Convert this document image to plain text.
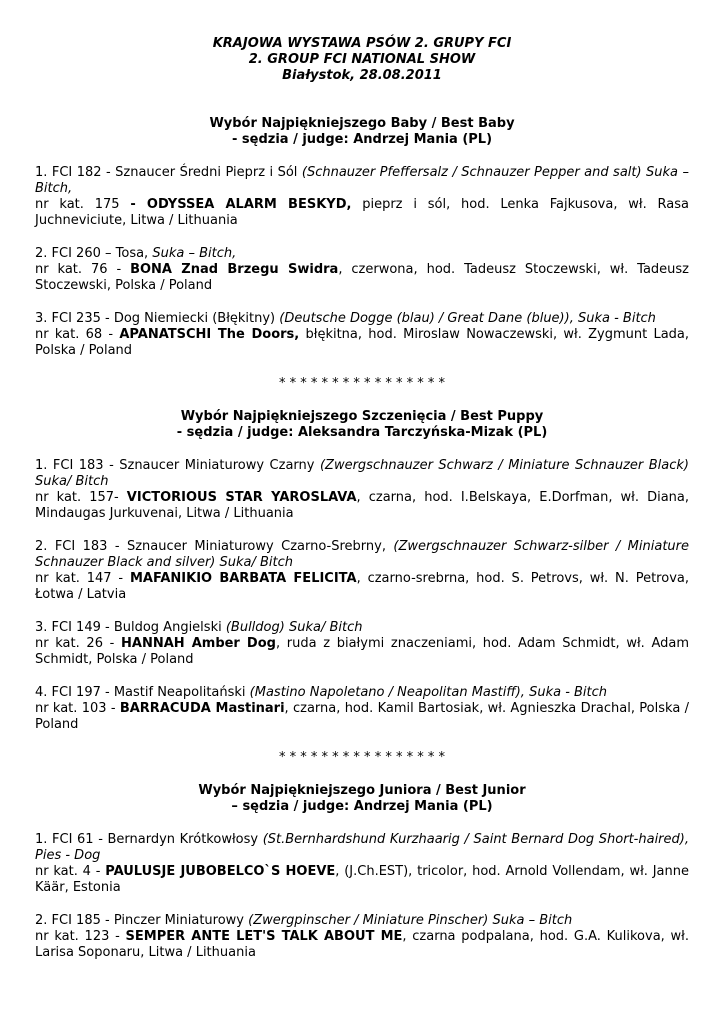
KRAJOWA WYSTAWA PSÓW 2. GRUPY FCI
2. GROUP FCI NATIONAL SHOW
Białystok, 28.08.2011
Wybór Najpiękniejszego Baby / Best Baby
- sędzia / judge: Andrzej Mania (PL)
1. FCI 182 - Sznaucer Średni Pieprz i Sól (Schnauzer Pfeffersalz / Schnauzer Pepper and salt) Suka – Bitch,
nr kat. 175 - ODYSSEA ALARM BESKYD, pieprz i sól, hod. Lenka Fajkusova, wł. Rasa Juchneviciute, Litwa / Lithuania
2. FCI 260 – Tosa, Suka – Bitch,
nr kat. 76 - BONA Znad Brzegu Swidra, czerwona, hod. Tadeusz Stoczewski, wł. Tadeusz Stoczewski, Polska / Poland
3. FCI 235 - Dog Niemiecki (Błękitny) (Deutsche Dogge (blau) / Great Dane (blue)), Suka - Bitch
nr kat. 68 - APANATSCHI The Doors, błękitna, hod. Miroslaw Nowaczewski, wł. Zygmunt Lada, Polska / Poland
* * * * * * * * * * * * * * * *
Wybór Najpiękniejszego Szczenięcia / Best Puppy
- sędzia / judge: Aleksandra Tarczyńska-Mizak (PL)
1. FCI 183 - Sznaucer Miniaturowy Czarny (Zwergschnauzer Schwarz / Miniature Schnauzer Black) Suka/ Bitch
nr kat. 157- VICTORIOUS STAR YAROSLAVA, czarna, hod. I.Belskaya, E.Dorfman, wł. Diana, Mindaugas Jurkuvenai, Litwa / Lithuania
2. FCI 183 - Sznaucer Miniaturowy Czarno-Srebrny, (Zwergschnauzer Schwarz-silber / Miniature Schnauzer Black and silver) Suka/ Bitch
nr kat. 147 - MAFANIKIO BARBATA FELICITA, czarno-srebrna, hod. S. Petrovs, wł. N. Petrova, Łotwa / Latvia
3. FCI 149 - Buldog Angielski (Bulldog) Suka/ Bitch
nr kat. 26 - HANNAH Amber Dog, ruda z białymi znaczeniami, hod. Adam Schmidt, wł. Adam Schmidt, Polska / Poland
4. FCI 197 - Mastif Neapolitański (Mastino Napoletano / Neapolitan Mastiff), Suka - Bitch
nr kat. 103 - BARRACUDA Mastinari, czarna, hod. Kamil Bartosiak, wł. Agnieszka Drachal, Polska / Poland
* * * * * * * * * * * * * * * *
Wybór Najpiękniejszego Juniora / Best Junior
– sędzia / judge: Andrzej Mania (PL)
1. FCI 61 - Bernardyn Krótkowłosy (St.Bernhardshund Kurzhaarig / Saint Bernard Dog Short-haired), Pies - Dog
nr kat. 4 - PAULUSJE JUBOBELCO`S HOEVE, (J.Ch.EST), tricolor, hod. Arnold Vollendam, wł. Janne Käär, Estonia
2. FCI 185 - Pinczer Miniaturowy (Zwergpinscher / Miniature Pinscher) Suka – Bitch
nr kat. 123 - SEMPER ANTE LET'S TALK ABOUT ME, czarna podpalana, hod. G.A. Kulikova, wł. Larisa Soponaru, Litwa / Lithuania
